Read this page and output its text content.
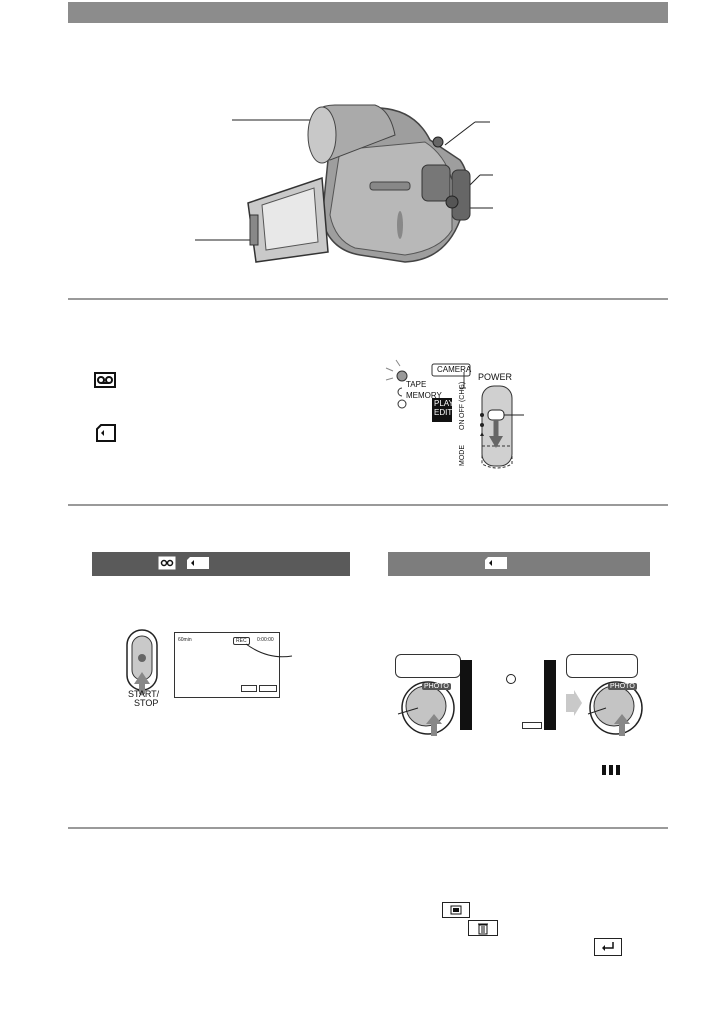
CAMERA
TAPE
MEMORY
PLAY/
EDIT
POWER
ON
OFF (CHG)
MODE
START/
STOP
60min	REC	0:00:00
PHOTO	PHOTO
